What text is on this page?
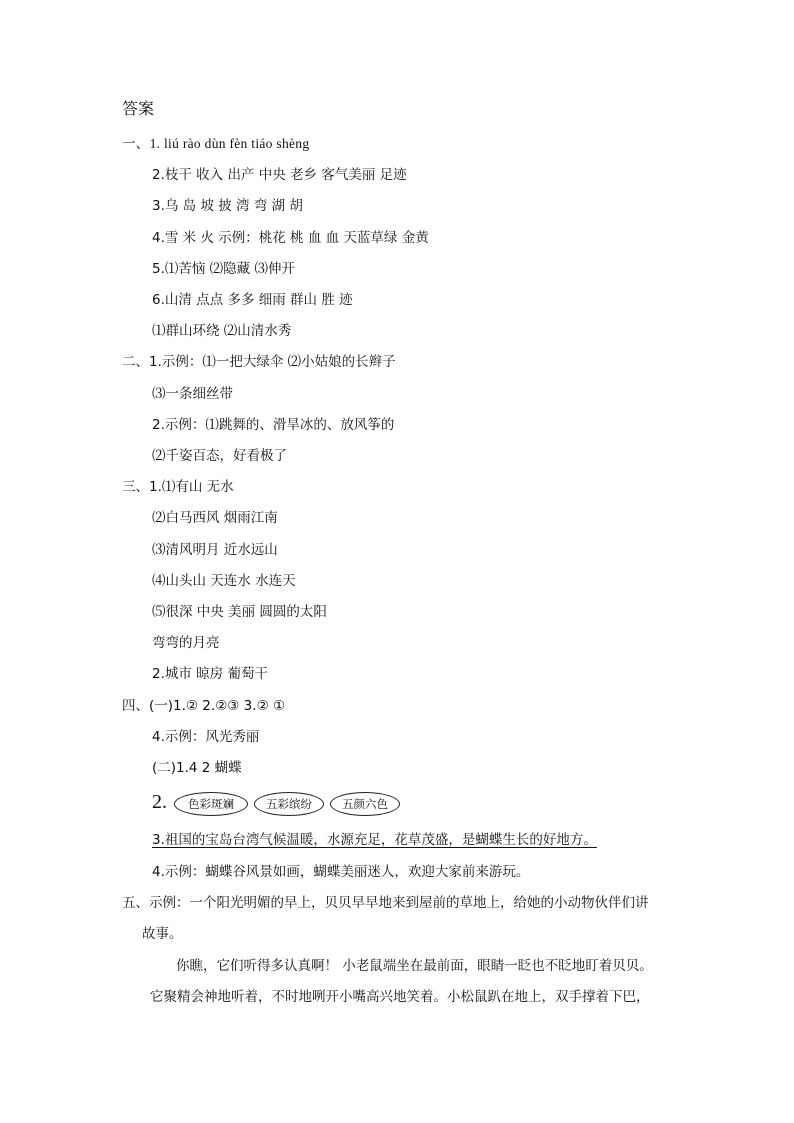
答案
一、1. liú rào dùn fèn tiáo shèng
2.枝干 收入 出产 中央 老乡 客气美丽 足迹
3.乌 岛 坡 披 湾 弯 湖 胡
4.雪 米 火 示例：桃花 桃 血 血 天蓝草绿 金黄
5.⑴苦恼 ⑵隐藏 ⑶伸开
6.山清 点点 多多 细雨 群山 胜 迹
⑴群山环绕 ⑵山清水秀
二、1.示例：⑴一把大绿伞 ⑵小姑娘的长辫子
⑶一条细丝带
2.示例：⑴跳舞的、滑旱冰的、放风筝的
⑵千姿百态，好看极了
三、1.⑴有山 无水
⑵白马西风 烟雨江南
⑶清风明月 近水远山
⑷山头山 天连水 水连天
⑸很深 中央 美丽 圆圆的太阳
弯弯的月亮
2.城市 晾房 葡萄干
四、(一)1.② 2.②③ 3.② ①
4.示例：风光秀丽
(二)1.4 2 蝴蝶
2.	色彩斑斓	五彩缤纷	五颜六色
3.祖国的宝岛台湾气候温暖，水源充足，花草茂盛，是蝴蝶生长的好地方。
4.示例：蝴蝶谷风景如画，蝴蝶美丽迷人，欢迎大家前来游玩。
五、示例：一个阳光明媚的早上，贝贝早早地来到屋前的草地上，给她的小动物伙伴们讲
故事。
你瞧，它们听得多认真啊！ 小老鼠端坐在最前面，眼睛一眨也不眨地盯着贝贝。
它聚精会神地听着，不时地咧开小嘴高兴地笑着。小松鼠趴在地上，双手撑着下巴，
